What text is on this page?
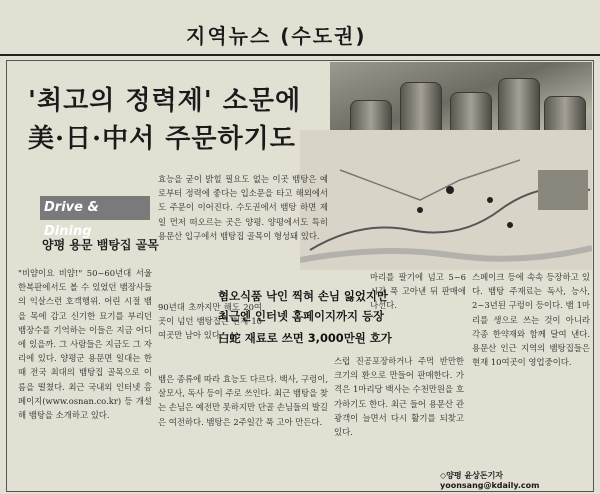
지역뉴스 (수도권)
'최고의 정력제' 소문에
美·日·中서 주문하기도
Drive & Dining
양평 용문 뱀탕집 골목

"비얌이요 비얌!" 50~60년대 서울 한복판에서도 볼 수 있었던 뱀장사들의 익살스런 호객행위. 어린 시절 뱀을 목에 감고 신기한 묘기를 부리던 뱀장수를 기억하는 이들은 지금 어디에 있을까. 그 사람들은 지금도 그 자리에 있다. 양평군 용문면 일대는 한때 전국 최대의 뱀탕집 골목으로 이름을 떨쳤다. 최근 국내외 인터넷 홈페이지(www.osnan.co.kr) 등 개설해 뱀탕을 소개하고 있다.

효능을 굳이 밝힐 필요도 없는 이곳 뱀탕은 예로부터 정력에 좋다는 입소문을 타고 해외에서도 주문이 이어진다. 수도권에서 뱀탕 하면 제일 먼저 떠오르는 곳은 양평. 양평에서도 특히 용문산 입구에서 뱀탕집 골목이 형성돼 있다.

90년대 초까지만 해도 20여곳이 넘던 뱀탕집은 현재 10여곳만 남아 있다.

뱀은 종류에 따라 효능도 다르다. 백사, 구렁이, 살모사, 독사 등이 주로 쓰인다. 최근 뱀탕을 찾는 손님은 예전만 못하지만 단골 손님들의 발길은 여전하다. 뱀탕은 2주일간 푹 고아 만든다.

마리를 팔기에 넘고 5~6 시간 푹 고아낸 뒤 판매에 나선다.

스럽 진공포장하거나 주먹 반만한 크기의 환으로 만들어 판매한다. 가격은 1마리당 백사는 수천만원을 호가하기도 한다. 최근 들어 용문산 관광객이 늘면서 다시 활기를 되찾고 있다.

스페이크 등에 속속 등장하고 있다. 뱀탕 주재료는 독사, 능사, 2~3년된 구렁이 등이다. 뱀 1마리를 생으로 쓰는 것이 아니라 각종 한약재와 함께 달여 낸다. 용문산 인근 지역의 뱀탕집들은 현재 10여곳이 영업중이다.

혐오식품 낙인 찍혀 손님 잃었지만
최근엔 인터넷 홈페이지까지 등장
白蛇 재료로 쓰면 3,000만원 호가
◇양평 윤상돈기자 yoonsang@kdaily.com
